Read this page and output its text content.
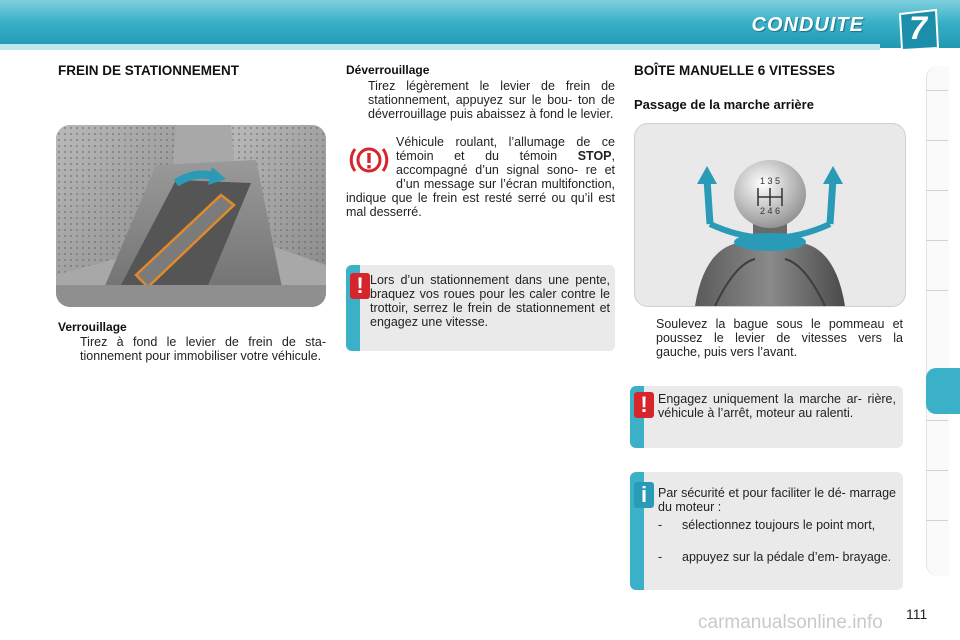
CONDUITE	7
FREIN DE STATIONNEMENT
Verrouillage
Tirez à fond le levier de frein de sta- tionnement pour immobiliser votre véhicule.
Déverrouillage
Tirez légèrement le levier de frein de stationnement, appuyez sur le bou- ton de déverrouillage puis abaissez à fond le levier.
Véhicule roulant, l’allumage de ce témoin et du témoin STOP, accompagné d’un signal sono- re et d’un message sur l’écran multifonction, indique que le frein est resté serré ou qu’il est mal desserré.
! Lors d’un stationnement dans une pente, braquez vos roues pour les caler contre le trottoir, serrez le frein de stationnement et engagez une vitesse.
BOÎTE MANUELLE 6 VITESSES
Passage de la marche arrière
1 3 5
2 4 6
Soulevez la bague sous le pommeau et poussez le levier de vitesses vers la gauche, puis vers l’avant.
! Engagez uniquement la marche ar- rière, véhicule à l’arrêt, moteur au ralenti.
i Par sécurité et pour faciliter le dé- marrage du moteur :
- sélectionnez toujours le point mort,
- appuyez sur la pédale d’em- brayage.
carmanualsonline.info 111
